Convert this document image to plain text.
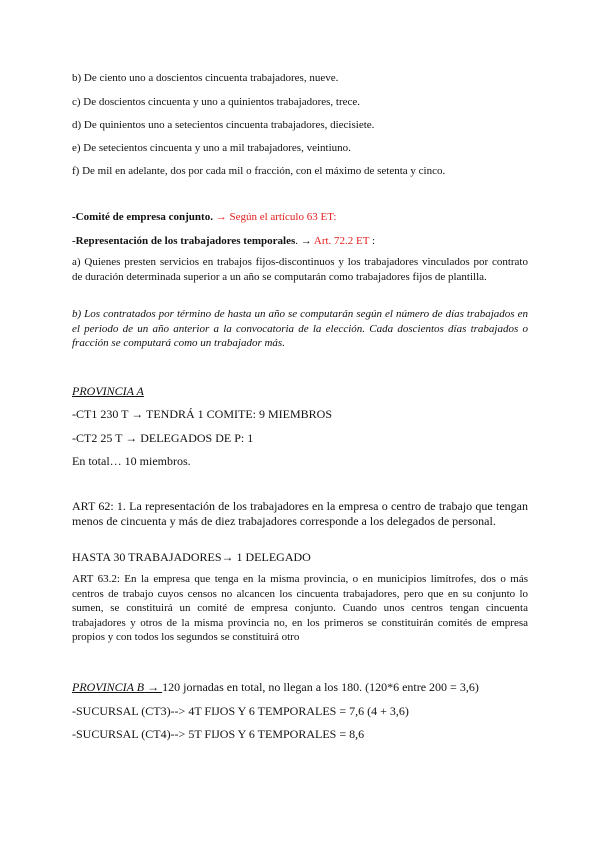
b) De ciento uno a doscientos cincuenta trabajadores, nueve.
c) De doscientos cincuenta y uno a quinientos trabajadores, trece.
d) De quinientos uno a setecientos cincuenta trabajadores, diecisiete.
e) De setecientos cincuenta y uno a mil trabajadores, veintiuno.
f) De mil en adelante, dos por cada mil o fracción, con el máximo de setenta y cinco.
-Comité de empresa conjunto. → Según el artículo 63 ET:
-Representación de los trabajadores temporales. → Art. 72.2 ET :
a) Quienes presten servicios en trabajos fijos-discontinuos y los trabajadores vinculados por contrato de duración determinada superior a un año se computarán como trabajadores fijos de plantilla.
b) Los contratados por término de hasta un año se computarán según el número de días trabajados en el periodo de un año anterior a la convocatoria de la elección. Cada doscientos días trabajados o fracción se computará como un trabajador más.
PROVINCIA A
-CT1 230 T → TENDRÁ 1 COMITE: 9 MIEMBROS
-CT2 25 T → DELEGADOS DE P: 1
En total… 10 miembros.
ART 62: 1. La representación de los trabajadores en la empresa o centro de trabajo que tengan menos de cincuenta y más de diez trabajadores corresponde a los delegados de personal.
HASTA 30 TRABAJADORES→ 1 DELEGADO
ART 63.2: En la empresa que tenga en la misma provincia, o en municipios limítrofes, dos o más centros de trabajo cuyos censos no alcancen los cincuenta trabajadores, pero que en su conjunto lo sumen, se constituirá un comité de empresa conjunto. Cuando unos centros tengan cincuenta trabajadores y otros de la misma provincia no, en los primeros se constituirán comités de empresa propios y con todos los segundos se constituirá otro
PROVINCIA B → 120 jornadas en total, no llegan a los 180. (120*6 entre 200 = 3,6)
-SUCURSAL (CT3)--> 4T FIJOS Y 6 TEMPORALES = 7,6 (4 + 3,6)
-SUCURSAL (CT4)--> 5T FIJOS Y 6 TEMPORALES = 8,6
